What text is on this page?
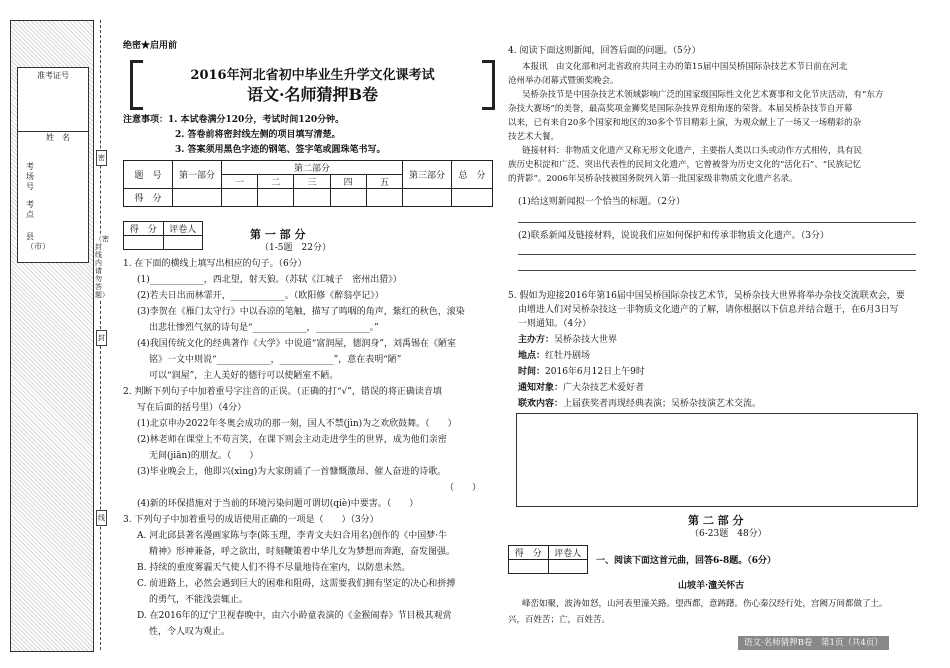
准考证号
姓　名
考场号
考　点
县（市）
密
封
线
（密封线内请勿答题）
绝密★启用前
2016年河北省初中毕业生升学文化课考试
语文·名师猜押B卷
注意事项：1. 本试卷满分120分，考试时间120分钟。
2. 答卷前将密封线左侧的项目填写清楚。
3. 答案须用黑色字迹的钢笔、签字笔或圆珠笔书写。
题　号	第一部分	第二部分					第三部分	总　分
		一	二	三	四	五		
得　分								
得　分	评卷人
		第 一 部 分
（1-5题　22分）
1. 在下面的横线上填写出相应的句子。（6分）
(1)____________，西北望，射天狼。（苏轼《江城子　密州出猎》）
(2)若夫日出而林霏开，____________。（欧阳修《醉翁亭记》）
(3)李贺在《雁门太守行》中以吞凉的笔触，描写了鸣咽的角声，紫红的秋色，滚染
出悲壮惨烈气氛的诗句是“____________，____________。”
(4)我国传统文化的经典著作《大学》中说道“富润屋，德润身”，刘禹锡在《陋室
铭》一文中则说“____________，____________”，意在表明“陋”
可以“润屋”，主人美好的德行可以使陋室不陋。
2. 判断下列句子中加着重号字注音的正误。（正确的打“√”，错误的将正确读音填
写在后面的括号里）（4分）
(1)北京申办2022年冬奥会成功的那一刻，国人不禁(jìn)为之欢欣鼓舞。（　　）
(2)林老师在课堂上不苟言笑，在课下则会主动走进学生的世界，成为他们亲密
无间(jiān)的朋友。（　　）
(3)毕业晚会上，他即兴(xìng)为大家朗诵了一首慷慨激昂、催人奋进的诗歌。
（　　）
(4)新的环保措施对于当前的环境污染问题可谓切(qiè)中要害。（　　）
3. 下列句子中加着重号的成语使用正确的一项是（　　）（3分）
A. 河北邱县著名漫画家陈与李(陈玉理，李青文夫妇合用名)创作的《中国梦·牛
精神》形神兼备，呼之欲出，时刻鞭策着中华儿女为梦想而奔跑，奋发图强。
B. 持续的重度雾霾天气使人们不得不尽量地待在室内，以防患未然。
C. 前进路上，必然会遇到巨大的困难和阻碍，这需要我们拥有坚定的决心和拼搏
的勇气，不能浅尝辄止。
D. 在2016年的辽宁卫视春晚中，由六小龄童表演的《金猴闹春》节目极其观赏
性，令人叹为观止。
4. 阅读下面这则新闻，回答后面的问题。（5分）
本报讯　由文化部和河北省政府共同主办的第15届中国吴桥国际杂技艺术节日前在河北
沧州举办闭幕式暨颁奖晚会。
吴桥杂技节是中国杂技艺术领域影响广泛的国家级国际性文化艺术赛事和文化节庆活动，有“东方
杂技大赛场”的美誉，最高奖项金狮奖是国际杂技界竞相角逐的荣誉。本届吴桥杂技节自开幕
以来，已有来自20多个国家和地区的30多个节目精彩上演，为观众献上了一场又一场精彩的杂
技艺术大餐。
链接材料：非物质文化遗产又称无形文化遗产，主要指人类以口头或动作方式相传，具有民
族历史积淀和广泛、突出代表性的民间文化遗产，它曾被誉为历史文化的“活化石”、“民族记忆
的背影”。2006年吴桥杂技被国务院列入第一批国家级非物质文化遗产名录。
(1)给这则新闻拟一个恰当的标题。（2分）
(2)联系新闻及链接材料，说说我们应如何保护和传承非物质文化遗产。（3分）
5. 假如为迎接2016年第16届中国吴桥国际杂技艺术节，吴桥杂技大世界将举办杂技交流联欢会，要
由增进人们对吴桥杂技这一非物质文化遗产的了解，请你根据以下信息并结合题干，在6月3日写
一则通知。（4分）
主办方：吴桥杂技大世界
地点：红牡丹剧场
时间：2016年6月12日上午9时
通知对象：广大杂技艺术爱好者
联欢内容：上届获奖者再现经典表演；吴桥杂技演艺术交流。
第 二 部 分
（6-23题　48分）
得　分	评卷人

一、阅读下面这首元曲，回答6-8题。（6分）
山坡羊·潼关怀古
峰峦如聚，波涛如怒，山河表里潼关路。望西都，意踌躇。伤心秦汉经行处，宫阙万间都做了土。
兴，百姓苦；亡，百姓苦。
语文·名师猜押B卷　第1页（共4页）
